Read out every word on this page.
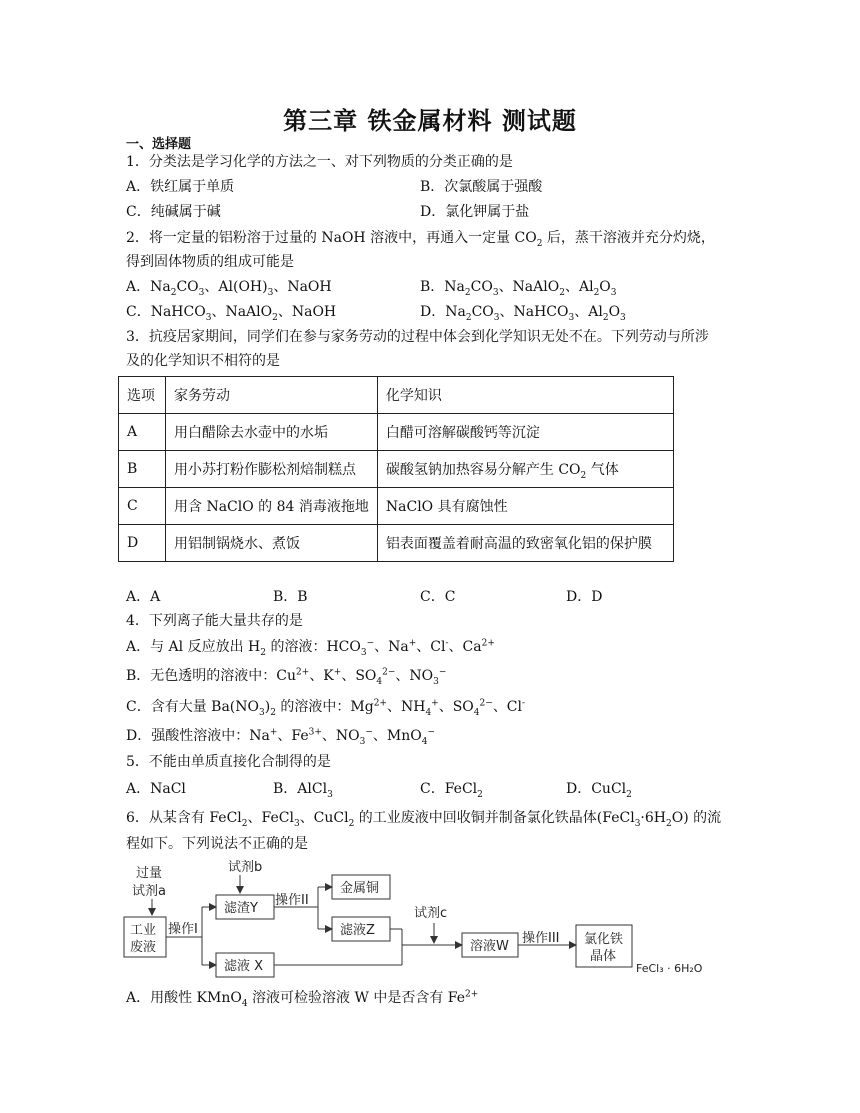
第三章 铁金属材料 测试题
一、选择题
1．分类法是学习化学的方法之一、对下列物质的分类正确的是
A．铁红属于单质	B．次氯酸属于强酸
C．纯碱属于碱	D．氯化钾属于盐
2．将一定量的铝粉溶于过量的 NaOH 溶液中，再通入一定量 $CO_2$ 后，蒸干溶液并充分灼烧，
得到固体物质的组成可能是
A．$Na_2CO_3$、$Al(OH)_3$、NaOH	B．$Na_2CO_3$、NaAlO$_2$、$Al_2O_3$
C．NaHCO$_3$、NaAlO$_2$、NaOH	D．$Na_2CO_3$、NaHCO$_3$、$Al_2O_3$
3．抗疫居家期间，同学们在参与家务劳动的过程中体会到化学知识无处不在。下列劳动与所涉
及的化学知识不相符的是
选项	家务劳动	化学知识
A	用白醋除去水壶中的水垢	白醋可溶解碳酸钙等沉淀
B	用小苏打粉作膨松剂焙制糕点	碳酸氢钠加热容易分解产生 $CO_2$ 气体
C	用含 NaClO 的 84 消毒液拖地	NaClO 具有腐蚀性
D	用铝制锅烧水、煮饭	铝表面覆盖着耐高温的致密氧化铝的保护膜
A．A	B．B	C．C	D．D
4．下列离子能大量共存的是
A．与 Al 反应放出 $H_2$ 的溶液：$HCO_3^-$、Na+、Cl-、$Ca^{2+}$
B．无色透明的溶液中：$Cu^{2+}$、K+、$SO_4^{2-}$、$NO_3^-$
C．含有大量 $Ba(NO_3)_2$ 的溶液中：$Mg^{2+}$、$NH_4^+$、$SO_4^{2-}$、Cl-
D．强酸性溶液中：Na+、$Fe^{3+}$、$NO_3^-$、MnO$_4$−
5．不能由单质直接化合制得的是
A．NaCl	B．AlCl$_3$	C．FeCl$_2$	D．CuCl$_2$
6．从某含有 FeCl$_2$、FeCl$_3$、CuCl$_2$ 的工业废液中回收铜并制备氯化铁晶体$(FeCl_3\cdot 6H_2O)$ 的流
程如下。下列说法不正确的是
过量
试剂a
工业
废液
操作I
试剂b
滤渣Y
滤液 X
操作II
金属铜
滤液Z
试剂c
溶液W
操作III 氯化铁
晶体
FeCl₃ · 6H₂O
A．用酸性 KMnO$_4$ 溶液可检验溶液 W 中是否含有 $Fe^{2+}$
